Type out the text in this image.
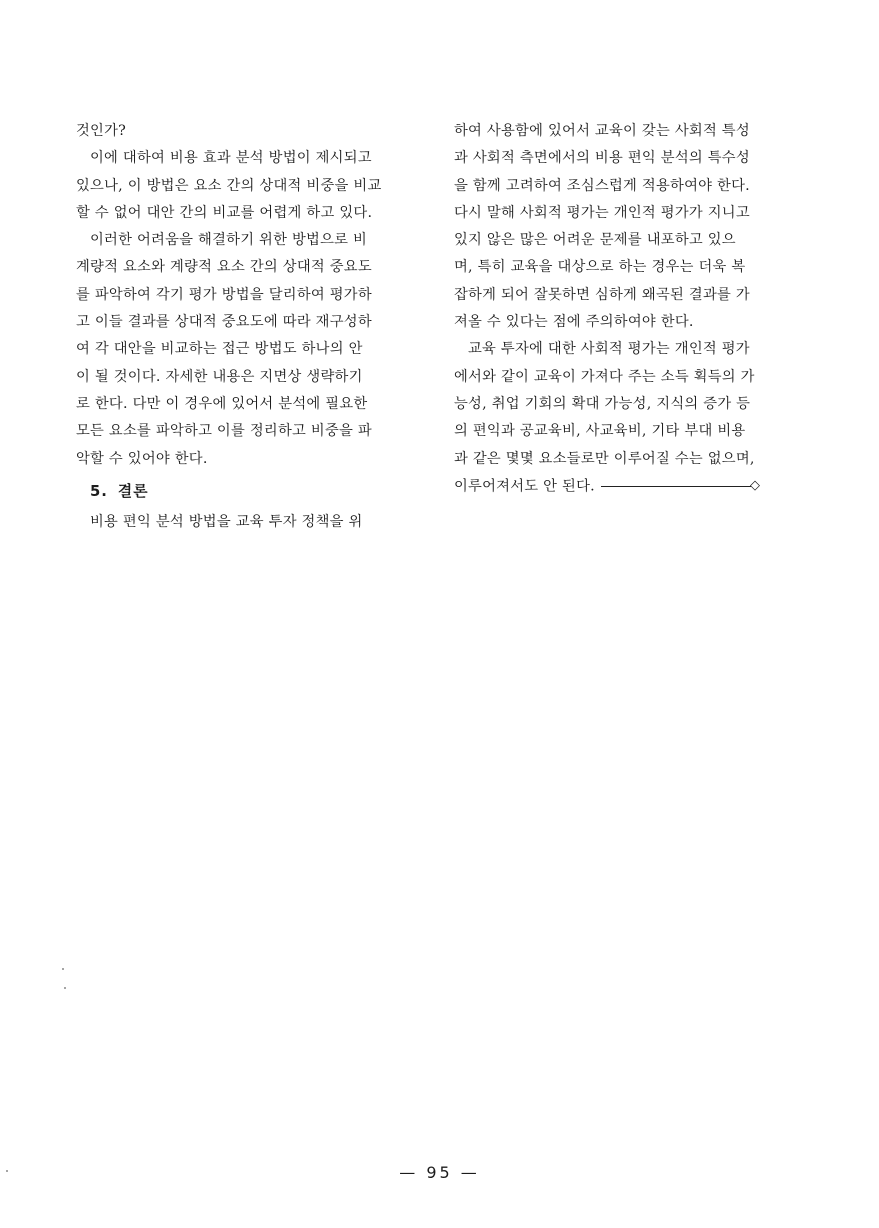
것인가?
이에 대하여 비용 효과 분석 방법이 제시되고
있으나, 이 방법은 요소 간의 상대적 비중을 비교
할 수 없어 대안 간의 비교를 어렵게 하고 있다.
이러한 어려움을 해결하기 위한 방법으로 비
계량적 요소와 계량적 요소 간의 상대적 중요도
를 파악하여 각기 평가 방법을 달리하여 평가하
고 이들 결과를 상대적 중요도에 따라 재구성하
여 각 대안을 비교하는 접근 방법도 하나의 안
이 될 것이다. 자세한 내용은 지면상 생략하기
로 한다. 다만 이 경우에 있어서 분석에 필요한
모든 요소를 파악하고 이를 정리하고 비중을 파
악할 수 있어야 한다.
5. 결론
비용 편익 분석 방법을 교육 투자 정책을 위
하여 사용함에 있어서 교육이 갖는 사회적 특성
과 사회적 측면에서의 비용 편익 분석의 특수성
을 함께 고려하여 조심스럽게 적용하여야 한다.
다시 말해 사회적 평가는 개인적 평가가 지니고
있지 않은 많은 어려운 문제를 내포하고 있으
며, 특히 교육을 대상으로 하는 경우는 더욱 복
잡하게 되어 잘못하면 심하게 왜곡된 결과를 가
져올 수 있다는 점에 주의하여야 한다.
교육 투자에 대한 사회적 평가는 개인적 평가
에서와 같이 교육이 가져다 주는 소득 획득의 가
능성, 취업 기회의 확대 가능성, 지식의 증가 등
의 편익과 공교육비, 사교육비, 기타 부대 비용
과 같은 몇몇 요소들로만 이루어질 수는 없으며,
이루어져서도 안 된다.	◇
— 95 —
